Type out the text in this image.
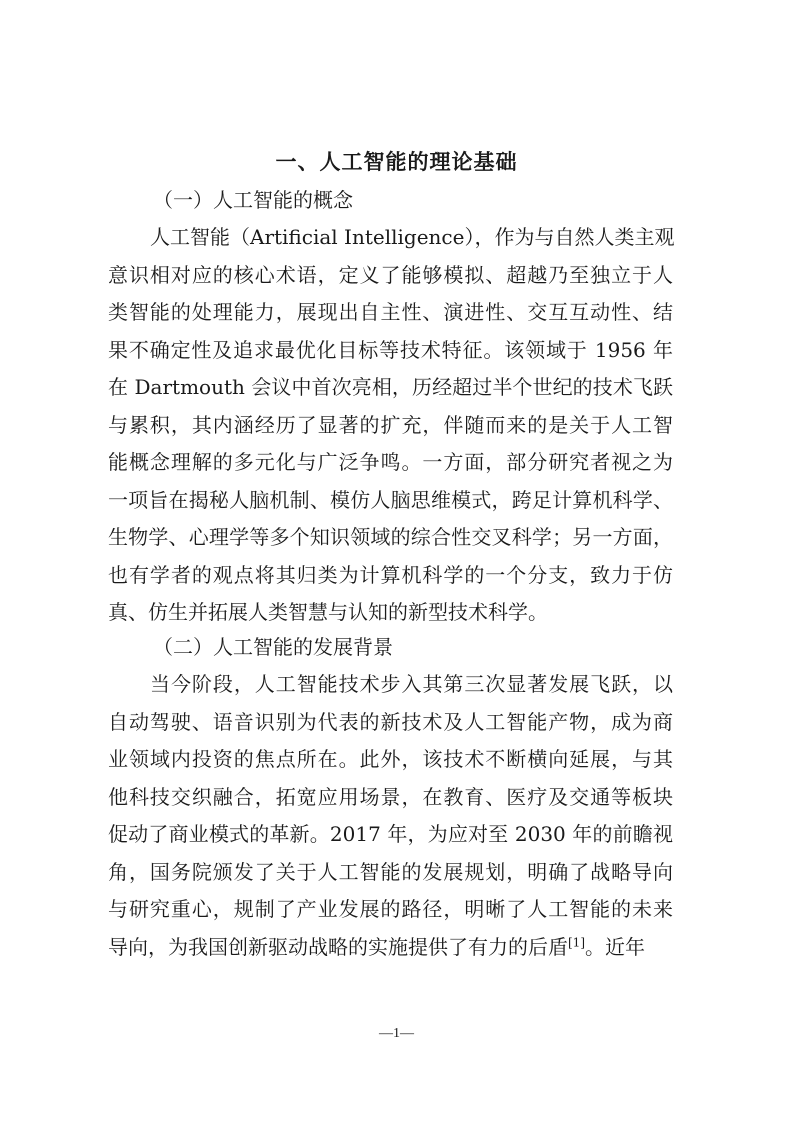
一、人工智能的理论基础
（一）人工智能的概念
人工智能（Artificial Intelligence），作为与自然人类主观
意识相对应的核心术语，定义了能够模拟、超越乃至独立于人
类智能的处理能力，展现出自主性、演进性、交互互动性、结
果不确定性及追求最优化目标等技术特征。该领域于 1956 年
在 Dartmouth 会议中首次亮相，历经超过半个世纪的技术飞跃
与累积，其内涵经历了显著的扩充，伴随而来的是关于人工智
能概念理解的多元化与广泛争鸣。一方面，部分研究者视之为
一项旨在揭秘人脑机制、模仿人脑思维模式，跨足计算机科学、
生物学、心理学等多个知识领域的综合性交叉科学；另一方面，
也有学者的观点将其归类为计算机科学的一个分支，致力于仿
真、仿生并拓展人类智慧与认知的新型技术科学。
（二）人工智能的发展背景
当今阶段，人工智能技术步入其第三次显著发展飞跃，以
自动驾驶、语音识别为代表的新技术及人工智能产物，成为商
业领域内投资的焦点所在。此外，该技术不断横向延展，与其
他科技交织融合，拓宽应用场景，在教育、医疗及交通等板块
促动了商业模式的革新。2017 年，为应对至 2030 年的前瞻视
角，国务院颁发了关于人工智能的发展规划，明确了战略导向
与研究重心，规制了产业发展的路径，明晰了人工智能的未来
导向，为我国创新驱动战略的实施提供了有力的后盾[1]。近年
—1—
